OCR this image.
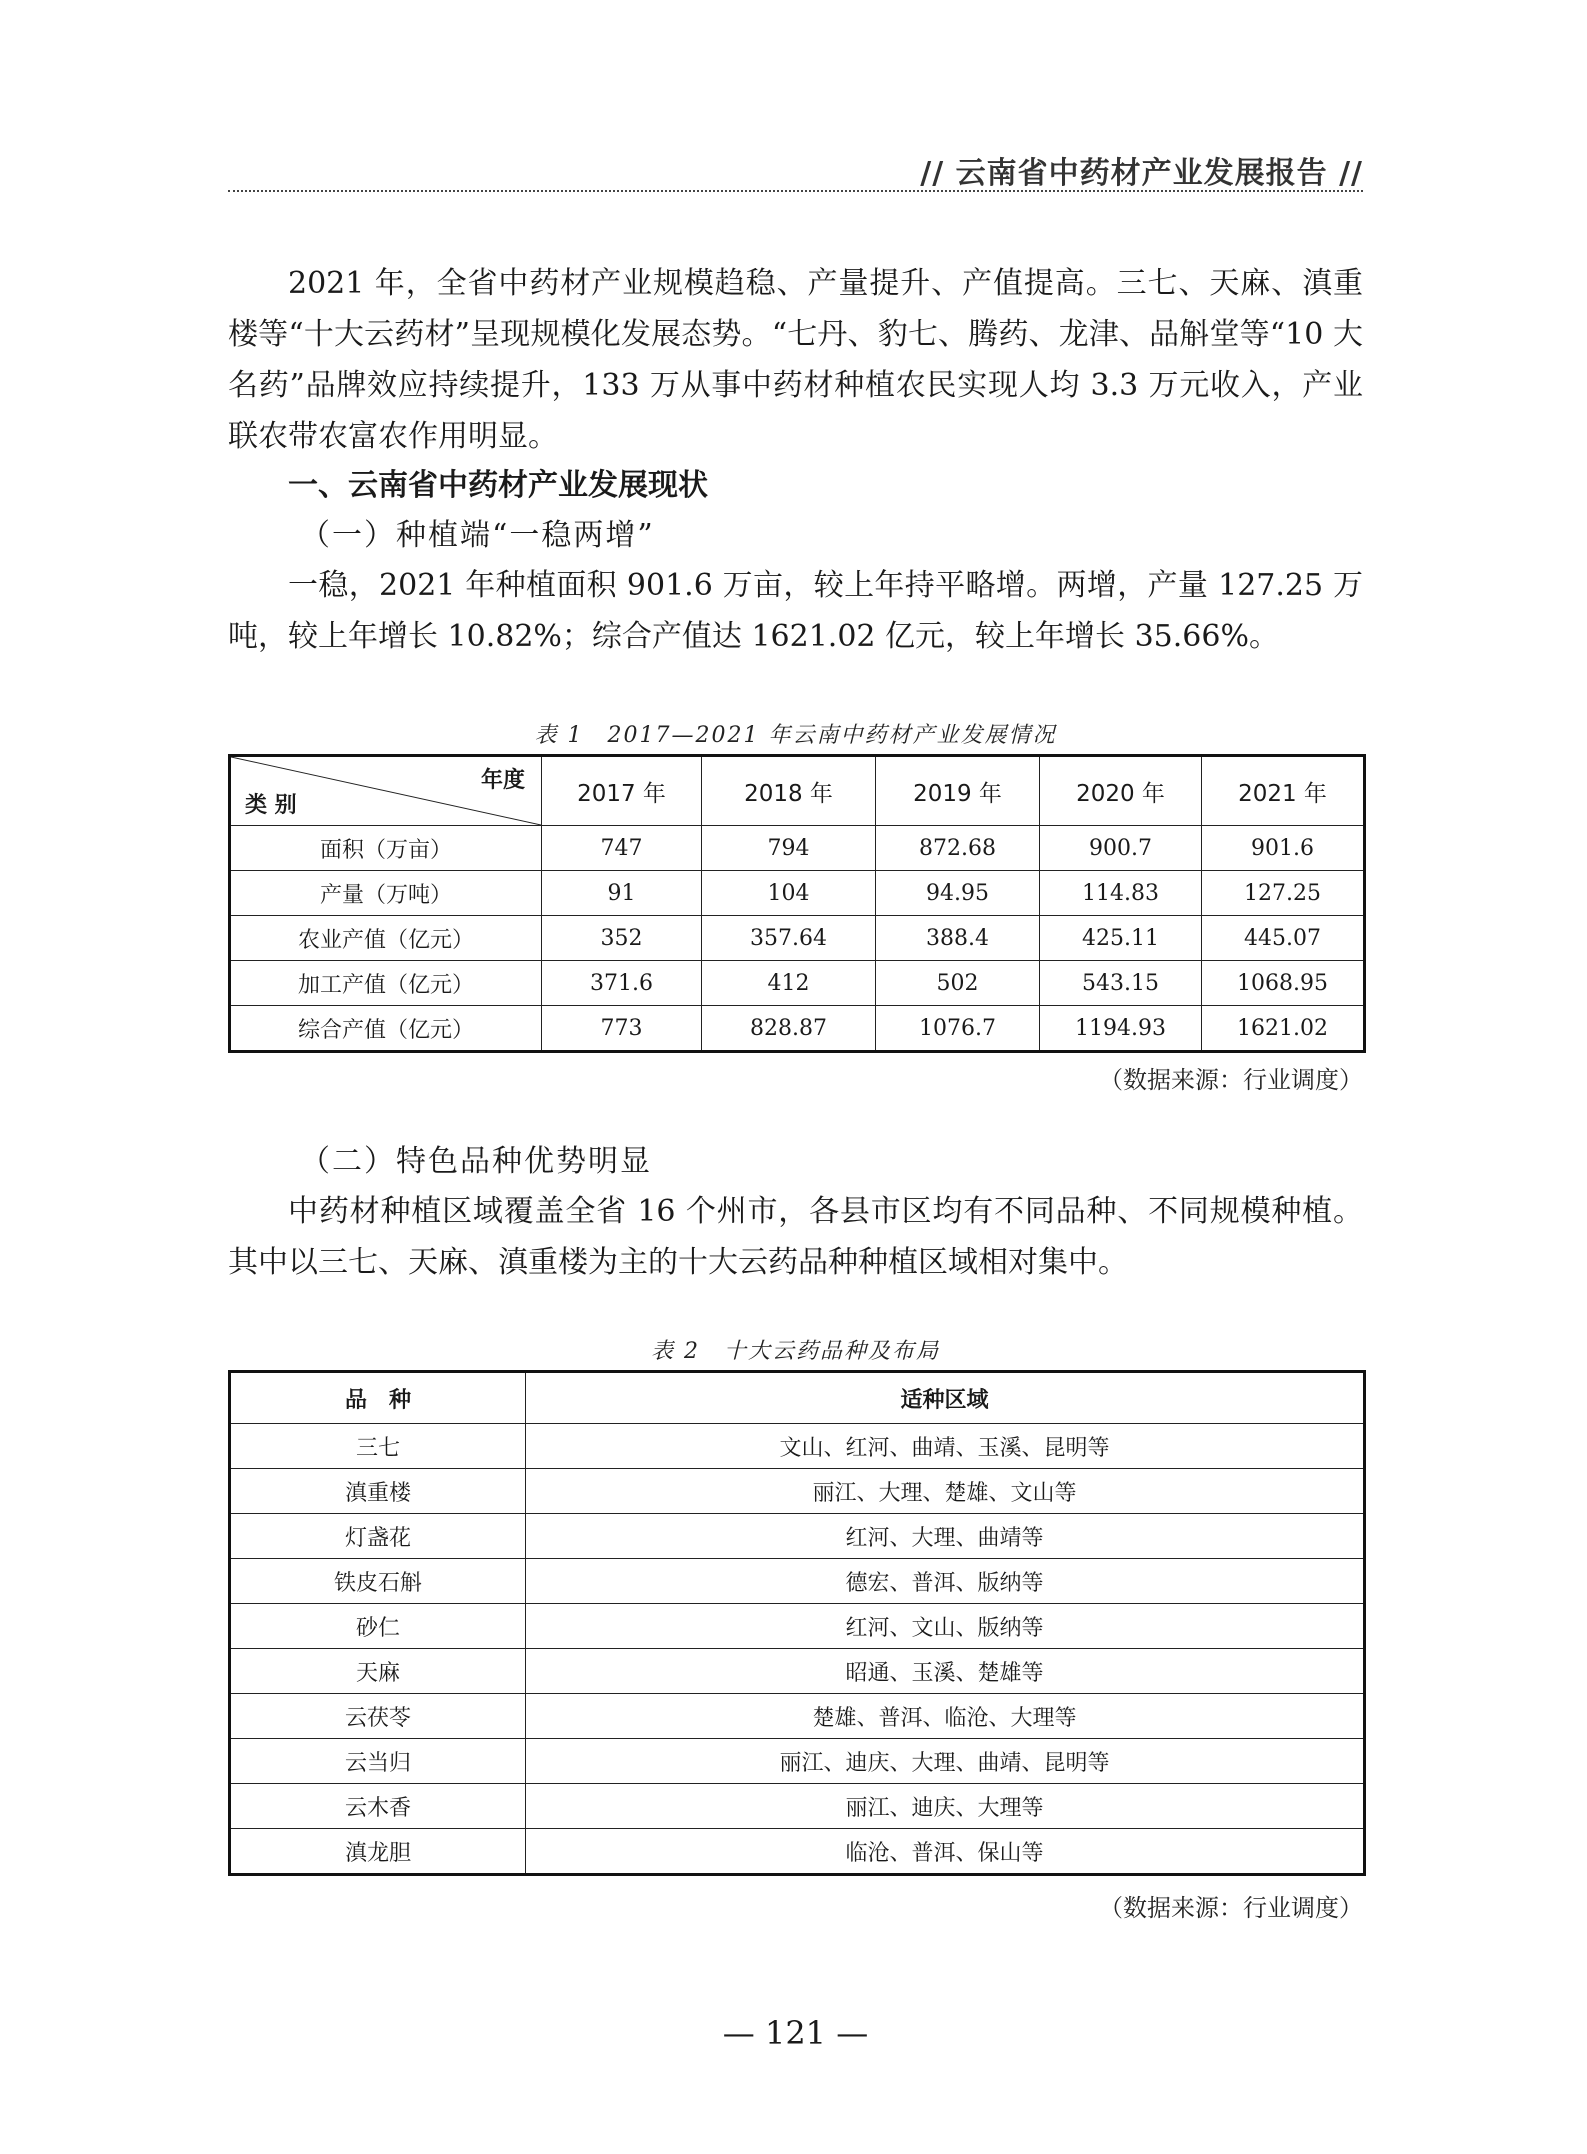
// 云南省中药材产业发展报告 //

2021 年，全省中药材产业规模趋稳、产量提升、产值提高。三七、天麻、滇重楼等“十大云药材”呈现规模化发展态势。“七丹、豹七、腾药、龙津、品斛堂等“10 大名药”品牌效应持续提升，133 万从事中药材种植农民实现人均 3.3 万元收入，产业联农带农富农作用明显。

一、云南省中药材产业发展现状

（一）种植端“一稳两增”

一稳，2021 年种植面积 901.6 万亩，较上年持平略增。两增，产量 127.25 万吨，较上年增长 10.82%；综合产值达 1621.02 亿元，较上年增长 35.66%。

表 1　2017—2021 年云南中药材产业发展情况
年度
类 别	2017 年	2018 年	2019 年	2020 年	2021 年
面积（万亩）	747	794	872.68	900.7	901.6
产量（万吨）	91	104	94.95	114.83	127.25
农业产值（亿元）	352	357.64	388.4	425.11	445.07
加工产值（亿元）	371.6	412	502	543.15	1068.95
综合产值（亿元）	773	828.87	1076.7	1194.93	1621.02
（数据来源：行业调度）

（二）特色品种优势明显

中药材种植区域覆盖全省 16 个州市，各县市区均有不同品种、不同规模种植。其中以三七、天麻、滇重楼为主的十大云药品种种植区域相对集中。

表 2　十大云药品种及布局
品　种	适种区域
三七	文山、红河、曲靖、玉溪、昆明等
滇重楼	丽江、大理、楚雄、文山等
灯盏花	红河、大理、曲靖等
铁皮石斛	德宏、普洱、版纳等
砂仁	红河、文山、版纳等
天麻	昭通、玉溪、楚雄等
云茯苓	楚雄、普洱、临沧、大理等
云当归	丽江、迪庆、大理、曲靖、昆明等
云木香	丽江、迪庆、大理等
滇龙胆	临沧、普洱、保山等
（数据来源：行业调度）
— 121 —
